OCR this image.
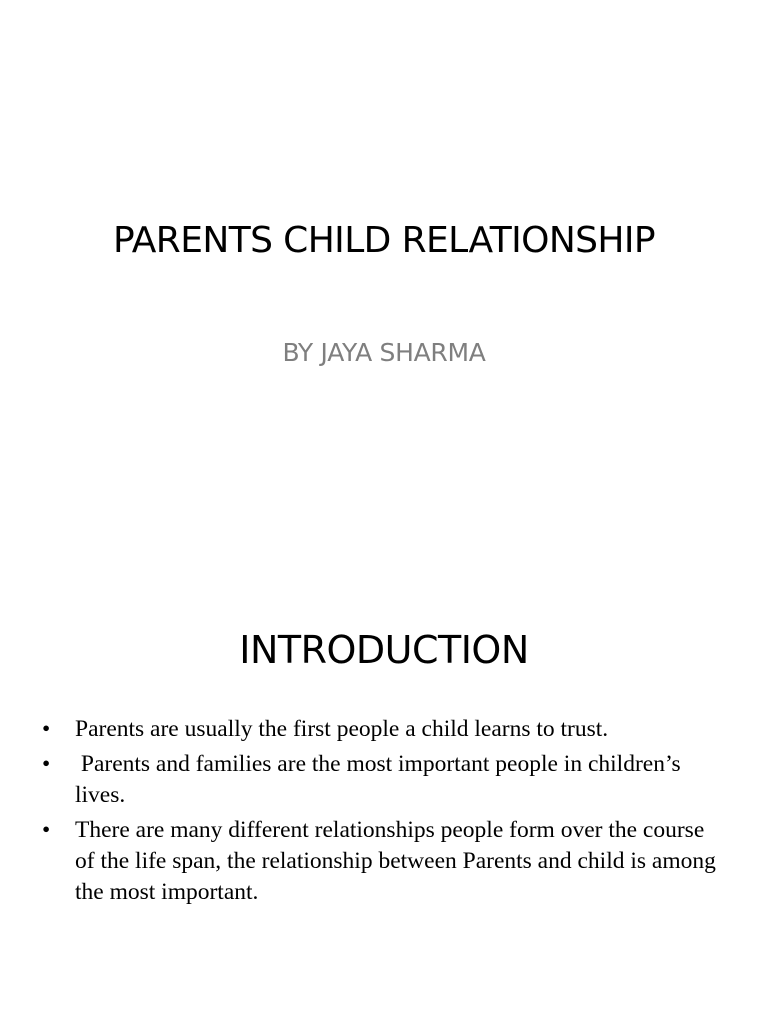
PARENTS CHILD RELATIONSHIP
BY JAYA SHARMA
INTRODUCTION
•	Parents are usually the first people a child learns to trust.
•	Parents and families are the most important people in children’s lives.
•	There are many different relationships people form over the course of the life span, the relationship between Parents and child is among the most important.
